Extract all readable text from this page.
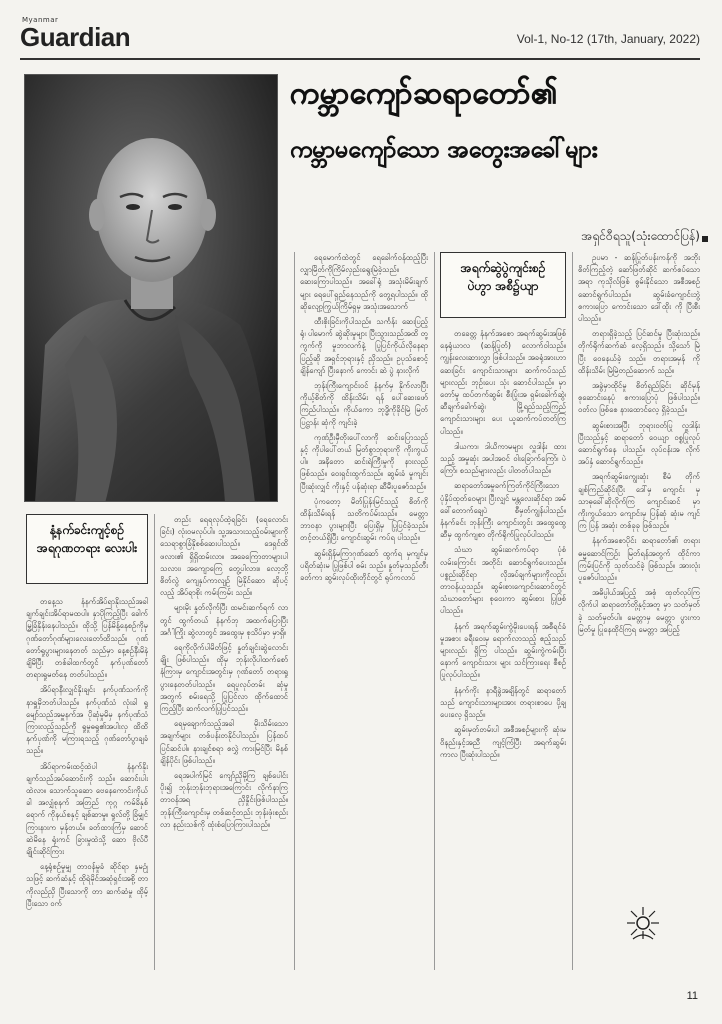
Myanmar
Guardian	Vol-1, No-12 (17th, January, 2022)
ကမ္ဘာကျော်ဆရာတော်၏
ကမ္ဘာမကျော်သော အတွေးအခေါ်များ
အရှင်ဝီရသူ(သုံးထောင်ပြန်)
နံ့နက်ခင်းကျင့်စဉ်
အရဂုဏတရား လေးပါး

တနေ့သ နံနက်အိပ်ရာနိုးသည်အခါ ချက်ချင်းအိပ်ရာမထပါ။ နှာပိုကြည့်ပြီး ခေါက်မြွှခြံနှိန်းနေပါသည်။ ထိုသို့ ပြန်မိန့်နေစဉ်ကိုမှ ဂုဏ်တော်ဂုဏ်များလေးတော်ထိသည်။ ဂုဏ်တော်ရှုပွားများနေတတ် သည်မှာ နေ့စဉ်နီးမိနဲချိမိပြီး တစ်ခါထက်တွင် နက်ပုဏ်တော် တရားရှုမတ်နေ တတ်ပါသည်။

အိပ်ရာနီးလျှင်နိုးချင်း နက်ပုဏ်သက်ကို နာရှူမှိဘတ်ပါသည်။ နက်ပုဏ်သံ လုံးခါ ရှုမျော်သည်အမှူနက်အ ပိုဆုံမှုမိမှ နက်ပုဏ်သံ ကြားလည့်သည်ကို ရှုမှုဓရှု၏အပါးလှ ထိထိ နက်ပုဏ်ကို မကြားရသည့် ဂုဏ်တော်ပွာချခံသည်။

အိပ်ရာကမ်းထင့်ထဲပါ နံနက်နိုး ချက်သည်အပ်ဆောင်းကို သည်။ ဆောင်းပါးထဲလာ။ သောက်သူဆော ဗေနေကောင်းကိုယ်ခါ အလျှံစုနက် အတြည် ကုဂ္ဂ ကမ်ခိနှစ်ရောက် ကိုနယ်စနှင့် ချစ်ဆာမှု။ ရှုလ်တို့ ခြံမျှင်ကြားနားက မှန်တယ်။ ခတ်ထားကြံမှ ဆောင်ဆဲမိနေ ရုံးကင် ခြားမှုထဲသို့ ဆော ဗိုလ်ပီ ချိုင်းဆိုင်ကြား

နေ့ရုံစဉ်မှုမျှ တာဝန်မှုခံ ဆိုင်ရာ နှမဥုံသဖြင့် ဆက်ဆံနှင့် ထိုရဲမိုင်အဆုံရှင်းအစို့ တာကိုလည်ညှိ ပြီးသောကို တာ ဆက်ဆံမှု ထိုမ့် ပြီးသော ဝက်

တည်း ရေရလုပ်ထဲ့ရခြင်း (ရေလောင်းခြင်း) လုံးဝမလုပ်ပါ။ သူ့အသားသည့်ဝမ်းများကို သေရာစွာခြံနိုစစ်ဆေးပါသည်။ ဒေရှင်ထိဖလား၏ ရှိရှိထမ်းလာ။ အခေကြောတာများပါသလား၊ အကျောကြေ တွေ့ပါလား။ လော့ဘို့ စိတ်လွဲ ကျေနှပ်ကာလျဉ် မြဲနိုင်ဆော ဆိုပင့်လည့် အိပ်ရာစိုး ကမ်းကြမ်း သည်။

များမိုး နှုတ်လိုက်ပြီး ထမင်းဆက်ရက် လာတွင် ထွက်တယ် နံနက်ဘု အထက်ပြောပြီး အင်္ဂါကြိုး ဆွဲလာတွင် အထွေးမှ စုသိပ်မှာ မှာရှိ။

ရေကိုလိုက်ပါမိတ်ဖြင့် နှုတ်ချင်းဆွဲလောင်းချိုး ဖြစ်ပါသည်။ ထိုမှ ဘုန်းလိုပါထက်စော်နံကြားမှ ကျောင်းအတွင်းမှ ဂုဏ်တော် တရားရှုပွားနေတတ်ပါသည်။ ရေပူလုပ်တမ်း ဆုံမှုအတွက် စမ်းရေသို့ ပြုပြင်လာ ထိုက်ထောင်ကြည့်ပြီး ဆက်လက်ပြုပြင်သည်။

ရေမှချောက်သည့်အခါ မိုးသိမ်းသောအချက်များ တစ်ပန်းတနိုင်ပါသည်။ ပြန်ထပ်ပြင်ဆင်ပါ။ နားချင်စရာ စလွှဲ ကားမြင်ပြီး မိနစ်ချိန်ပိုင်း ဖြစ်ပါသည်။

ရေအပါက်မြင် ကျော်ညိုမို့ကြ ချစ်ပေါင်းပိုး၍ ဘုန်းဘုန်းဘုရားအကြောင်း လိုက်နာကြ တာဝန်အရ ညှိနှိုင်းဖြစ်ပါသည်။ ဘုန်းကြီးကျောင်းမှ တစ်ဆင့်တည်း ဘုန်းဖုံးစည်းလာ နည်းသစ်ကို ထုံးစံပြောကြားပါသည်။

ရေမောက်ထဲတွင် ရေခေါက်ဝန်ထည့်ပြီး လျှာမြိတ်ကိုကြိမ်လှည်းရွေးမြဲခဲ့သည်။ ဆေးကြောပါသည်။ အခေါ်ရုံ အသုံးမိမ်းချက်များ ရေပေါ်ရှည်နေသည်ကို တွေ့ရပါသည်။ ထိုဆိုလျော့ကြွယ်ကြိမ်ရှမှ အသုံးအသောက်

ထီးစိုးခြင်းကိုပါသည်။ သင်္ကန်း ဆေးပြည့်ရုံ၊ ပါမောက် ဆွဲဆိုးမှုများ ပြီးသွားသည်အထိ တူ့ကွက်ကို မှုဘာလက်နဲ့ ပြုပြင်ကိုယ်လိုနေရာ ပြည့်ဆို အရှင်ဘုရားနှင့် ညှိသည်။ ဥပုသ်စောင့်ချိန်ကျော် ပြီးနောက် ကောင်း ဆဲ ပွဲ နားလိုက်

ဘုန်းကြီးကျောင်းဝင် နံနက်မှ နိုက်လာပြီး ကိုယ့်စိတ်ကို ထိန်းသိမ်း ရန် ပေါ်ဆေးဖော်ကြည်ပါသည်။ ကိုယ်ကော ဘုဒ္ဓိကိုခိုင်မြဲ မြတ်ပြဋ္ဌာန်း ဆုံကို ကျင်းခဲ့

ကုဏ်ဦးမှီတိုးပေါ်လာကို ဆင်းပြောသည်နှင့် ကိုပါပေါ်တယ် မြတ်စွာဘုရားကို ကိုးကွယ်ပါ။ အနိတော ဆင်းရဲကြီးမှုကို နားလည် ဖြစ်သည်။ ဝေးရှင်းထွက်သည်။ ဆွမ်းခံ မှုကျင်းပြီးဆုံးလျှင် ကိုးနှင့် ပန်ဆုံးရာ ဆီမီးပူဇော်သည်။

ပုံကတော့ မိတ်ပြုန်းမြင်သည့် စိတ်ကို ထိန်းသိမ်းရန် သတိကပ်မ်းသည်။ မေတ္တာ ဘာဝနာ ပွားများပြီး ပြေးရှိမှ ပြုပြင်ခဲ့သည်။ တင့်တယ်ရှိပြီး ကျောင်းဆွမ်း ကပ်ရ ပါသည်။

ဆွမ်းရှိန်မကြာဂုဏ်ဆော် ထွက်ရ မှကျင်မှ ပရိတ်ဆုံးမ ပြုဖြစ်ပါ စမ်း သည်။ နှုတ်မှသည်တီးခတ်ကာ ဆွမ်းလုပ်ထိုးတိုင်တွင် ရုပ်ကလာပ်

အရက်ဆွဲပွဲကျင်းစဉ်
ပဲဟွာ အစီ၌ယျာ

တခေတ္တ နံနက်အစော အရက်ဆွမ်းအဖြစ်နေရုံယာလ (ဆန်ပြုတ်) လောက်ဝါသည်။ ကျွန်းလေးဆားလွှာ ဖြစ်ပါသည်။ အခရုံအားဟာဆေးခြင်း ကျောင်းသားများ ဆက်ကပ်သည်များလည်း ဘုဉ်းပေး သုံး ဆောင်ပါသည်။ မှာတော်မှု ထပ်တက်ဆွမ်း စီးပြုံးအ ရှမ်းခေါက်ဆွဲ၊ ဆီချက်ခေါက်ဆွဲ၊ မြို့ရည်သည့်ကြည် ကျောင်းသားများ ပေး ယူဆက်ကပ်တတ်ကြပါသည်။

ဒါယကာ၊ ဒါယိကာမများ လှူဒါန်း ထား သည့် အမှုဆုံး အပါအဝင် ဝါးခြောက်ကြော်၊ ပဲကြော်၊ စသည်များလည်း ပါတတ်ပါသည်။

ဆရာတော်အမှုခက်ကြတ်ကိုင်ကြီးသော ပုံနှိပ်ထုတ်ဝေများ ပြီးလျှင် မန္တလေးဆိုင်ရာ အမ်ခေါ်တောက်ချေပဲ စီမှတ်ကျွန်ပါသည်။ နံနက်ခင်း ဘုန်းကြီး ကျောင်းတွင်း အထွေထွေဆီမှ ထွက်ကျစာ တိုက်ရိုက်ပြုလုပ်ပါသည်။

သံဃာ ဆွမ်းဆက်ကပ်ရာ ပုံစံ လမ်းကြောင်း အတိုင်း ဆောင်ရွက်ပေးသည်။ ပစ္စည်းဆိုင်ရာ လိုအပ်ချက်များကိုလည်း တာဝန်ယူသည်။ ဆွမ်းစားကျောင်းဆောင်တွင် သံဃာတော်များ စုဝေးကာ ဆွမ်းစား ပြုဖြစ်ပါသည်။

နံနက် အရက်ဆွမ်းကွဲမိုးပေးရန် အစီရင်ခံမှုအစား ခရီးဝေးမှ ရောက်လာသည့် ဧည့်သည်များလည်း ရှိကြ ပါသည်။ ဆွမ်းကွဲကမ်းပြီးနောက် ကျောင်းသား များ သင်ကြားရေး စီစဉ်ပြုလုပ်ပါသည်။

နံနက်ကိုး နာရီခွဲအချိန်တွင် ဆရာတော်သည် ကျောင်းသားများအား တရားစာပေ ပို့ချ ပေးလေ့ ရှိသည်။

ဆွမ်းမှတ်တမ်းပါ အစီအစဉ်များကို ဆုံးမ ဝိနည်းနှင့်အညီ ကျင့်ကြံပြီး အရက်ဆွမ်း ကာလ ပြီးဆုံးပါသည်။

ဥပမာ - ဆန်ပြုတ်ပန်းကန်ကို အဘိုး စိတ်ကြည့်တဲ့ ဆော်ဖြတ်ဆိုင် ဆက်စပ်သောအရာ ကုသိုလ်ဖြစ် စွမ်းနိုင်သော အစီအစဉ်ဆောင်ရွက်ပါသည်။ ဆွမ်းခံကျောင်းဘွဲ့ စကားပြော ကောင်းသော ဒေါ်ထိုး ကို ပြီးစီးပါသည်။

တရားရှိခဲ့သည့် ပြင်ဆင်မှု ပြီးဆုံးသည်။ တိုက်ရိုက်ဆက်ဆံ လေ့ရှိသည်။ သို့သော် မြဲပြီး ဝေနေယ်ခဲ့ သည်။ တရားအမှန် ကို ထိန်းသိမ်း မြဲမြဲတည်ဆောက် သည်။

အခွဲမှာထိုင်မှု စိတ်ရှည်ခြင်း ဆိုင်မှန် စုဆောင်းနေပုံ စကားပြောပုံ ဖြစ်ပါသည်။ ဝတ်လ ဖြစ်စေ နားထောင်လေ့ ရှိခဲ့သည်။

ဆွမ်းစားအပြီး ဘုရားဝတ်ပြု လှူဒါန်း ပြီးသည်နှင့် ဆရာတော် ဝေယျာ ဝစ္စပြုလုပ် ဆောင်ရွက်နေ ပါသည်။ လုပ်ငန်းအ လိုက် အပ်နှံ ဆောင်ရွက်သည်။

အရက်ဆွမ်းကျွေးဆုံး စီမံ တိုက် ချစ်ကြည်ဆိုင်းပြီး ဒေါ်မှ ကျောင်း မှ သာဓုခေါ်ဆိုလိုက်ကြ ကျောင်းဆင် မှာ ကိုးကွယ်သော ကျောင်းမှ ပြန်ဆုံ ဆုံးမ ကျင်ကြ ပြန် အဆုံး တစ်ခုခု ဖြစ်သည်။

နံနက်အစောပိုင်း ဆရာတော်၏ တရားဓမ္မဆောင်ကြဉ်း မြတ်ရန်အတွက် ထိုင်ကာ ကြမ်းပြင်ကို သုတ်သင်ခဲ့ ဖြစ်သည်။ အားလုံး ပူဇော်ပါသည်။

အဓိပ္ပါယ်အပြည့် အစုံ ထုတ်လုပ်ကြ လိုက်ပါ ဆရာတော်တို့နှင့်အတူ မှာ သတ်မှတ်ခဲ့ သတ်မှတ်ပါ။ မေတ္တာမှ မေတ္တာ ပွားကာ မြတ်မှု ပြုနေထိုင်ကြရ မေတ္တာ အပြည့်

11
